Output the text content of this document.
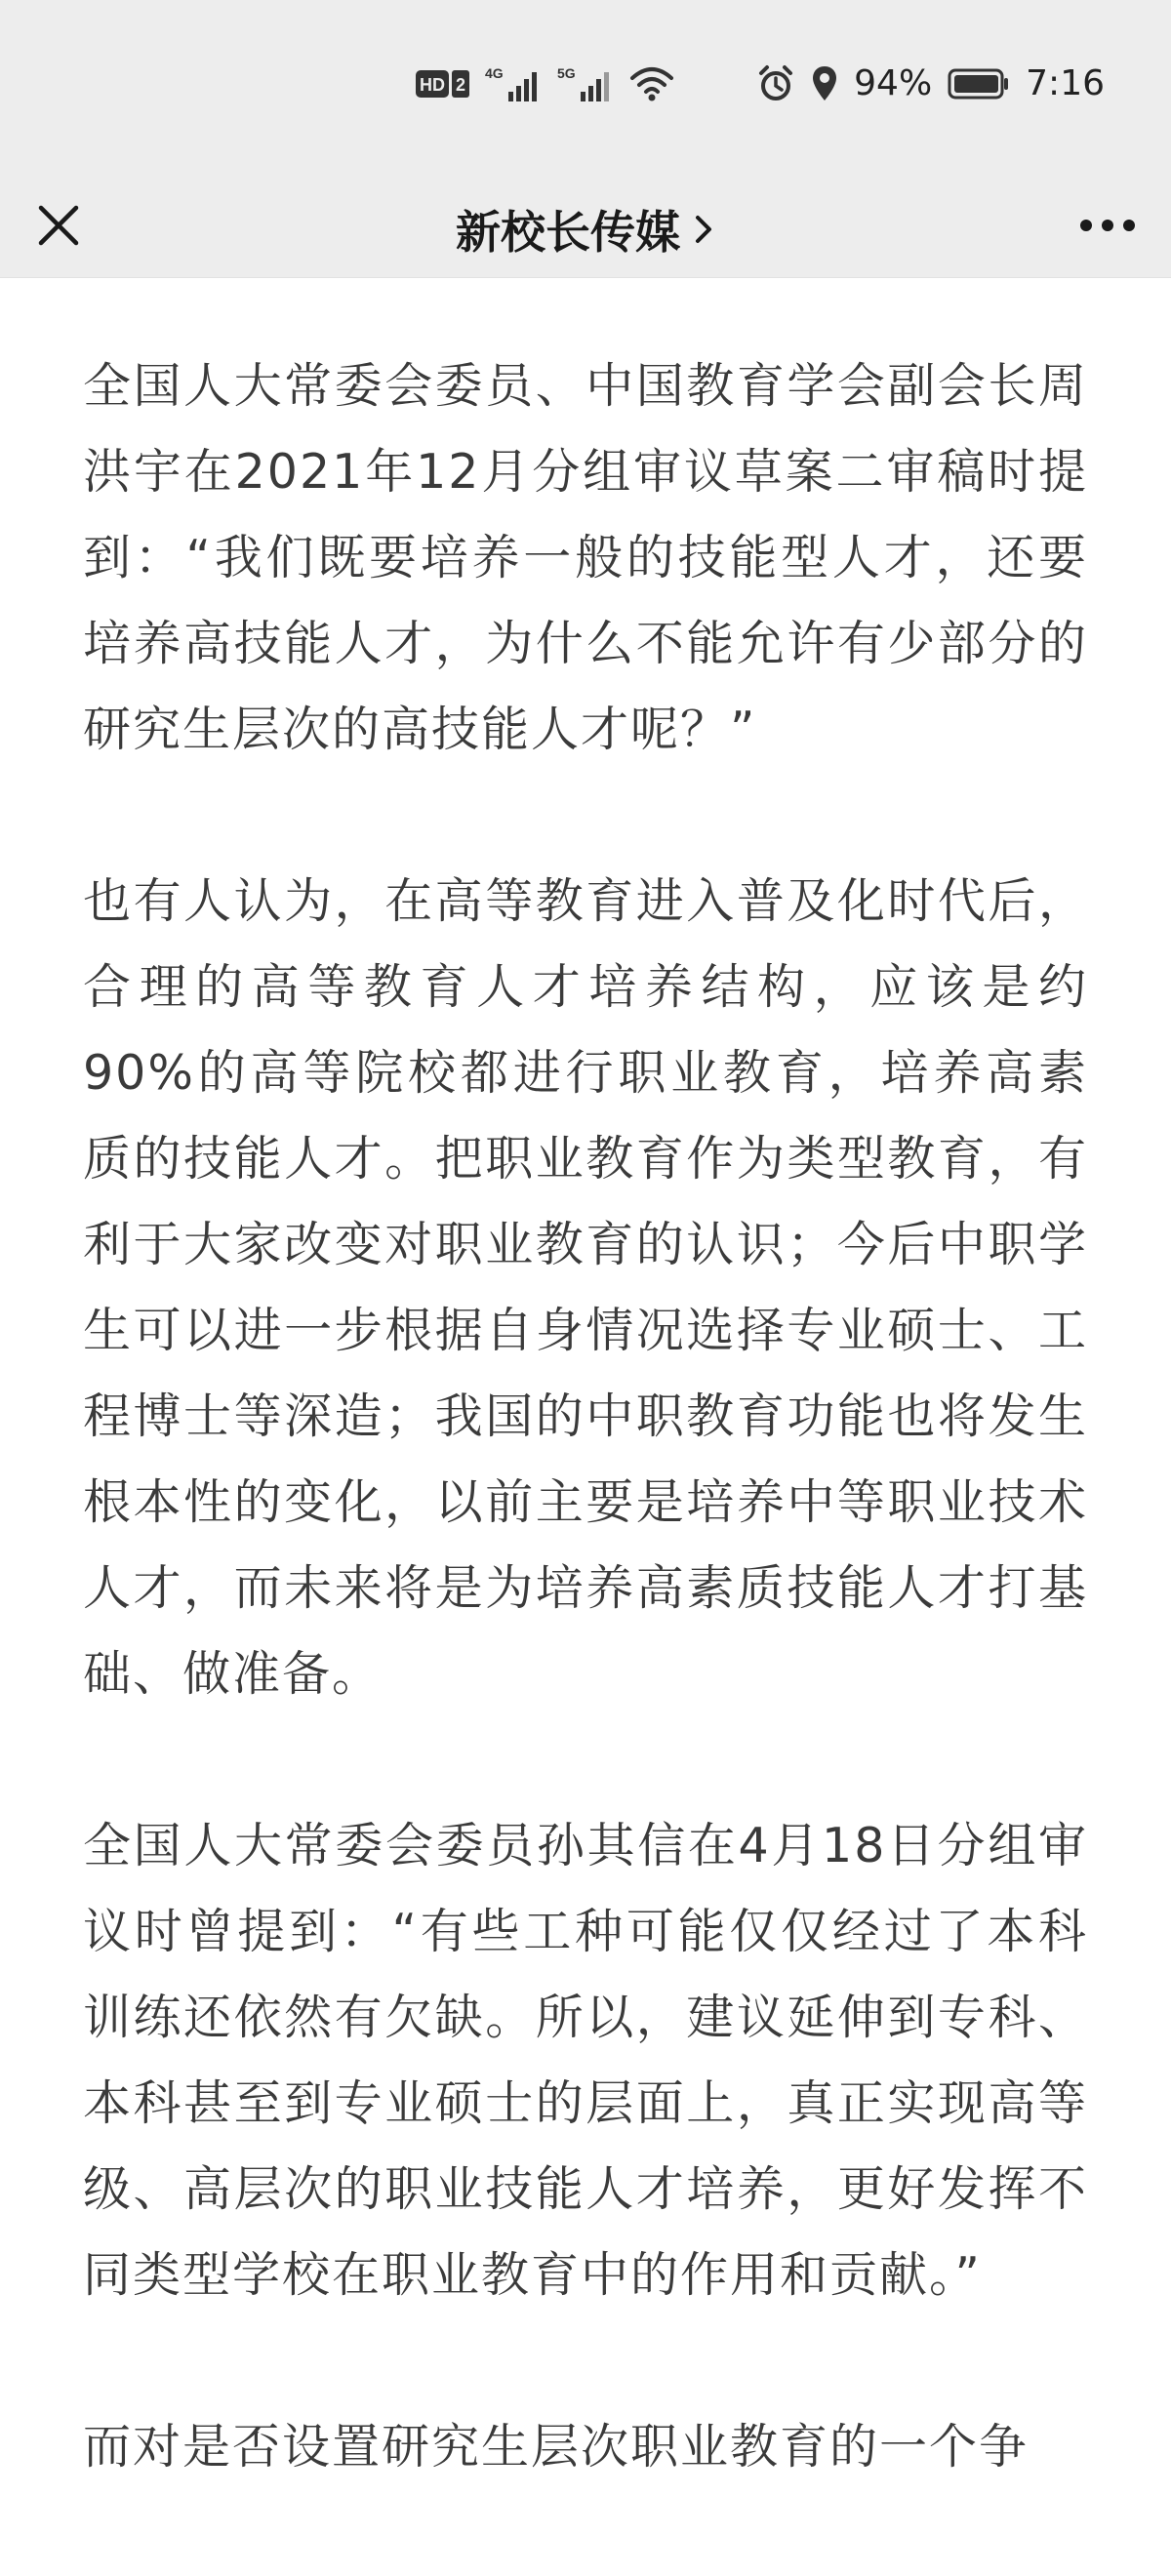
HD 2
4G	5G	94%	7:16
新校长传媒

全国人大常委会委员、中国教育学会副会长周洪宇在2021年12月分组审议草案二审稿时提到：“我们既要培养一般的技能型人才，还要培养高技能人才，为什么不能允许有少部分的研究生层次的高技能人才呢？”

也有人认为，在高等教育进入普及化时代后，合理的高等教育人才培养结构，应该是约90%的高等院校都进行职业教育，培养高素质的技能人才。把职业教育作为类型教育，有利于大家改变对职业教育的认识；今后中职学生可以进一步根据自身情况选择专业硕士、工程博士等深造；我国的中职教育功能也将发生根本性的变化，以前主要是培养中等职业技术人才，而未来将是为培养高素质技能人才打基础、做准备。

全国人大常委会委员孙其信在4月18日分组审议时曾提到：“有些工种可能仅仅经过了本科训练还依然有欠缺。所以，建议延伸到专科、本科甚至到专业硕士的层面上，真正实现高等级、高层次的职业技能人才培养，更好发挥不同类型学校在职业教育中的作用和贡献。”

而对是否设置研究生层次职业教育的一个争
